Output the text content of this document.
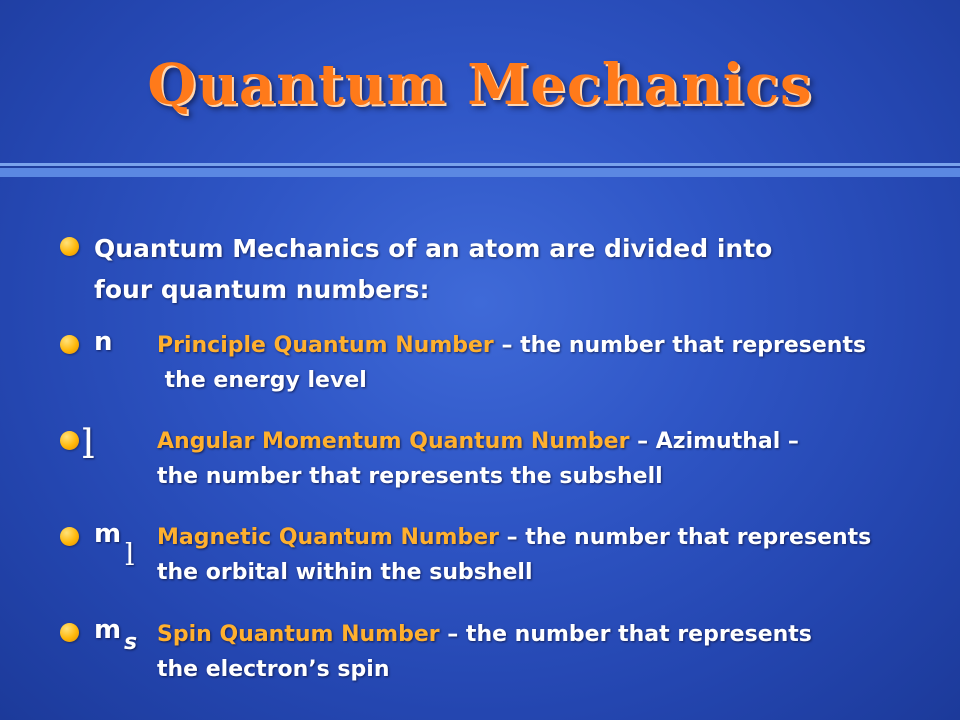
Quantum Mechanics
Quantum Mechanics of an atom are divided into
four quantum numbers:
n Principle Quantum Number – the number that represents
the energy level
l	Angular Momentum Quantum Number – Azimuthal –
the number that represents the subshell
m
l
Magnetic Quantum Number – the number that represents
the orbital within the subshell
m s Spin Quantum Number – the number that represents
the electron’s spin
